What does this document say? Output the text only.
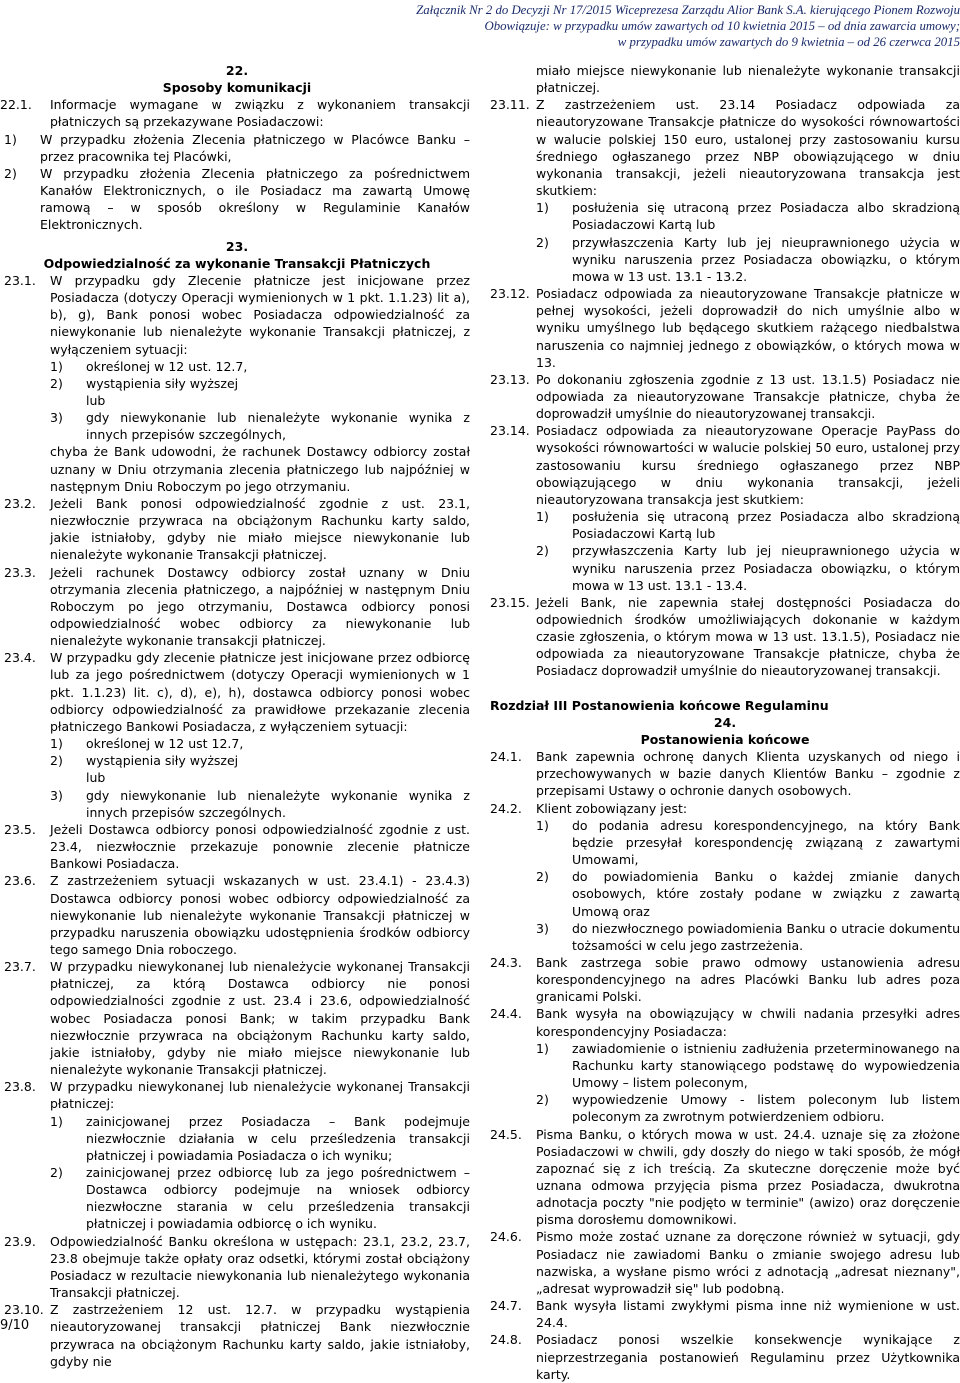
Załącznik Nr 2 do Decyzji Nr 17/2015 Wiceprezesa Zarządu Alior Bank S.A. kierującego Pionem Rozwoju
Obowiązuje: w przypadku umów zawartych od 10 kwietnia 2015 – od dnia zawarcia umowy;
w przypadku umów zawartych do 9 kwietnia – od 26 czerwca 2015
22.
Sposoby komunikacji
22.1. Informacje wymagane w związku z wykonaniem transakcji płatniczych są przekazywane Posiadaczowi:
1) W przypadku złożenia Zlecenia płatniczego w Placówce Banku – przez pracownika tej Placówki,
2) W przypadku złożenia Zlecenia płatniczego za pośrednictwem Kanałów Elektronicznych, o ile Posiadacz ma zawartą Umowę ramową – w sposób określony w Regulaminie Kanałów Elektronicznych.
23.
Odpowiedzialność za wykonanie Transakcji Płatniczych
23.1. W przypadku gdy Zlecenie płatnicze jest inicjowane przez Posiadacza (dotyczy Operacji wymienionych w 1 pkt. 1.1.23) lit a), b), g), Bank ponosi wobec Posiadacza odpowiedzialność za niewykonanie lub nienależyte wykonanie Transakcji płatniczej, z wyłączeniem sytuacji:
1) określonej w 12 ust. 12.7,
2) wystąpienia siły wyższej
lub
3) gdy niewykonanie lub nienależyte wykonanie wynika z innych przepisów szczególnych,
chyba że Bank udowodni, że rachunek Dostawcy odbiorcy został uznany w Dniu otrzymania zlecenia płatniczego lub najpóźniej w następnym Dniu Roboczym po jego otrzymaniu.
23.2. Jeżeli Bank ponosi odpowiedzialność zgodnie z ust. 23.1, niezwłocznie przywraca na obciążonym Rachunku karty saldo, jakie istniałoby, gdyby nie miało miejsce niewykonanie lub nienależyte wykonanie Transakcji płatniczej.
23.3. Jeżeli rachunek Dostawcy odbiorcy został uznany w Dniu otrzymania zlecenia płatniczego, a najpóźniej w następnym Dniu Roboczym po jego otrzymaniu, Dostawca odbiorcy ponosi odpowiedzialność wobec odbiorcy za niewykonanie lub nienależyte wykonanie transakcji płatniczej.
23.4. W przypadku gdy zlecenie płatnicze jest inicjowane przez odbiorcę lub za jego pośrednictwem (dotyczy Operacji wymienionych w 1 pkt. 1.1.23) lit. c), d), e), h), dostawca odbiorcy ponosi wobec odbiorcy odpowiedzialność za prawidłowe przekazanie zlecenia płatniczego Bankowi Posiadacza, z wyłączeniem sytuacji:
1) określonej w 12 ust 12.7,
2) wystąpienia siły wyższej
lub
3) gdy niewykonanie lub nienależyte wykonanie wynika z innych przepisów szczególnych.
23.5. Jeżeli Dostawca odbiorcy ponosi odpowiedzialność zgodnie z ust. 23.4, niezwłocznie przekazuje ponownie zlecenie płatnicze Bankowi Posiadacza.
23.6. Z zastrzeżeniem sytuacji wskazanych w ust. 23.4.1) - 23.4.3) Dostawca odbiorcy ponosi wobec odbiorcy odpowiedzialność za niewykonanie lub nienależyte wykonanie Transakcji płatniczej w przypadku naruszenia obowiązku udostępnienia środków odbiorcy tego samego Dnia roboczego.
23.7. W przypadku niewykonanej lub nienależycie wykonanej Transakcji płatniczej, za którą Dostawca odbiorcy nie ponosi odpowiedzialności zgodnie z ust. 23.4 i 23.6, odpowiedzialność wobec Posiadacza ponosi Bank; w takim przypadku Bank niezwłocznie przywraca na obciążonym Rachunku karty saldo, jakie istniałoby, gdyby nie miało miejsce niewykonanie lub nienależyte wykonanie Transakcji płatniczej.
23.8. W przypadku niewykonanej lub nienależycie wykonanej Transakcji płatniczej:
1) zainicjowanej przez Posiadacza – Bank podejmuje niezwłocznie działania w celu prześledzenia transakcji płatniczej i powiadamia Posiadacza o ich wyniku;
2) zainicjowanej przez odbiorcę lub za jego pośrednictwem – Dostawca odbiorcy podejmuje na wniosek odbiorcy niezwłoczne starania w celu prześledzenia transakcji płatniczej i powiadamia odbiorcę o ich wyniku.
23.9. Odpowiedzialność Banku określona w ustępach: 23.1, 23.2, 23.7, 23.8 obejmuje także opłaty oraz odsetki, którymi został obciążony Posiadacz w rezultacie niewykonania lub nienależytego wykonania Transakcji płatniczej.
23.10. Z zastrzeżeniem 12 ust. 12.7. w przypadku wystąpienia nieautoryzowanej transakcji płatniczej Bank niezwłocznie przywraca na obciążonym Rachunku karty saldo, jakie istniałoby, gdyby nie
miało miejsce niewykonanie lub nienależyte wykonanie transakcji płatniczej.
23.11. Z zastrzeżeniem ust. 23.14 Posiadacz odpowiada za nieautoryzowane Transakcje płatnicze do wysokości równowartości w walucie polskiej 150 euro, ustalonej przy zastosowaniu kursu średniego ogłaszanego przez NBP obowiązującego w dniu wykonania transakcji, jeżeli nieautoryzowana transakcja jest skutkiem:
1) posłużenia się utraconą przez Posiadacza albo skradzioną Posiadaczowi Kartą lub
2) przywłaszczenia Karty lub jej nieuprawnionego użycia w wyniku naruszenia przez Posiadacza obowiązku, o którym mowa w 13 ust. 13.1 - 13.2.
23.12. Posiadacz odpowiada za nieautoryzowane Transakcje płatnicze w pełnej wysokości, jeżeli doprowadził do nich umyślnie albo w wyniku umyślnego lub będącego skutkiem rażącego niedbalstwa naruszenia co najmniej jednego z obowiązków, o których mowa w 13.
23.13. Po dokonaniu zgłoszenia zgodnie z 13 ust. 13.1.5) Posiadacz nie odpowiada za nieautoryzowane Transakcje płatnicze, chyba że doprowadził umyślnie do nieautoryzowanej transakcji.
23.14. Posiadacz odpowiada za nieautoryzowane Operacje PayPass do wysokości równowartości w walucie polskiej 50 euro, ustalonej przy zastosowaniu kursu średniego ogłaszanego przez NBP obowiązującego w dniu wykonania transakcji, jeżeli nieautoryzowana transakcja jest skutkiem:
1) posłużenia się utraconą przez Posiadacza albo skradzioną Posiadaczowi Kartą lub
2) przywłaszczenia Karty lub jej nieuprawnionego użycia w wyniku naruszenia przez Posiadacza obowiązku, o którym mowa w 13 ust. 13.1 - 13.4.
23.15. Jeżeli Bank, nie zapewnia stałej dostępności Posiadacza do odpowiednich środków umożliwiających dokonanie w każdym czasie zgłoszenia, o którym mowa w 13 ust. 13.1.5), Posiadacz nie odpowiada za nieautoryzowane Transakcje płatnicze, chyba że Posiadacz doprowadził umyślnie do nieautoryzowanej transakcji.
Rozdział III Postanowienia końcowe Regulaminu
24.
Postanowienia końcowe
24.1. Bank zapewnia ochronę danych Klienta uzyskanych od niego i przechowywanych w bazie danych Klientów Banku – zgodnie z przepisami Ustawy o ochronie danych osobowych.
24.2. Klient zobowiązany jest:
1) do podania adresu korespondencyjnego, na który Bank będzie przesyłał korespondencję związaną z zawartymi Umowami,
2) do powiadomienia Banku o każdej zmianie danych osobowych, które zostały podane w związku z zawartą Umową oraz
3) do niezwłocznego powiadomienia Banku o utracie dokumentu tożsamości w celu jego zastrzeżenia.
24.3. Bank zastrzega sobie prawo odmowy ustanowienia adresu korespondencyjnego na adres Placówki Banku lub adres poza granicami Polski.
24.4. Bank wysyła na obowiązujący w chwili nadania przesyłki adres korespondencyjny Posiadacza:
1) zawiadomienie o istnieniu zadłużenia przeterminowanego na Rachunku karty stanowiącego podstawę do wypowiedzenia Umowy – listem poleconym,
2) wypowiedzenie Umowy - listem poleconym lub listem poleconym za zwrotnym potwierdzeniem odbioru.
24.5. Pisma Banku, o których mowa w ust. 24.4. uznaje się za złożone Posiadaczowi w chwili, gdy doszły do niego w taki sposób, że mógł zapoznać się z ich treścią. Za skuteczne doręczenie może być uznana odmowa przyjęcia pisma przez Posiadacza, dwukrotna adnotacja poczty "nie podjęto w terminie" (awizo) oraz doręczenie pisma dorosłemu domownikowi.
24.6. Pismo może zostać uznane za doręczone również w sytuacji, gdy Posiadacz nie zawiadomi Banku o zmianie swojego adresu lub nazwiska, a wysłane pismo wróci z adnotacją „adresat nieznany", „adresat wyprowadził się" lub podobną.
24.7. Bank wysyła listami zwykłymi pisma inne niż wymienione w ust. 24.4.
24.8. Posiadacz ponosi wszelkie konsekwencje wynikające z nieprzestrzegania postanowień Regulaminu przez Użytkownika karty.
9/10
